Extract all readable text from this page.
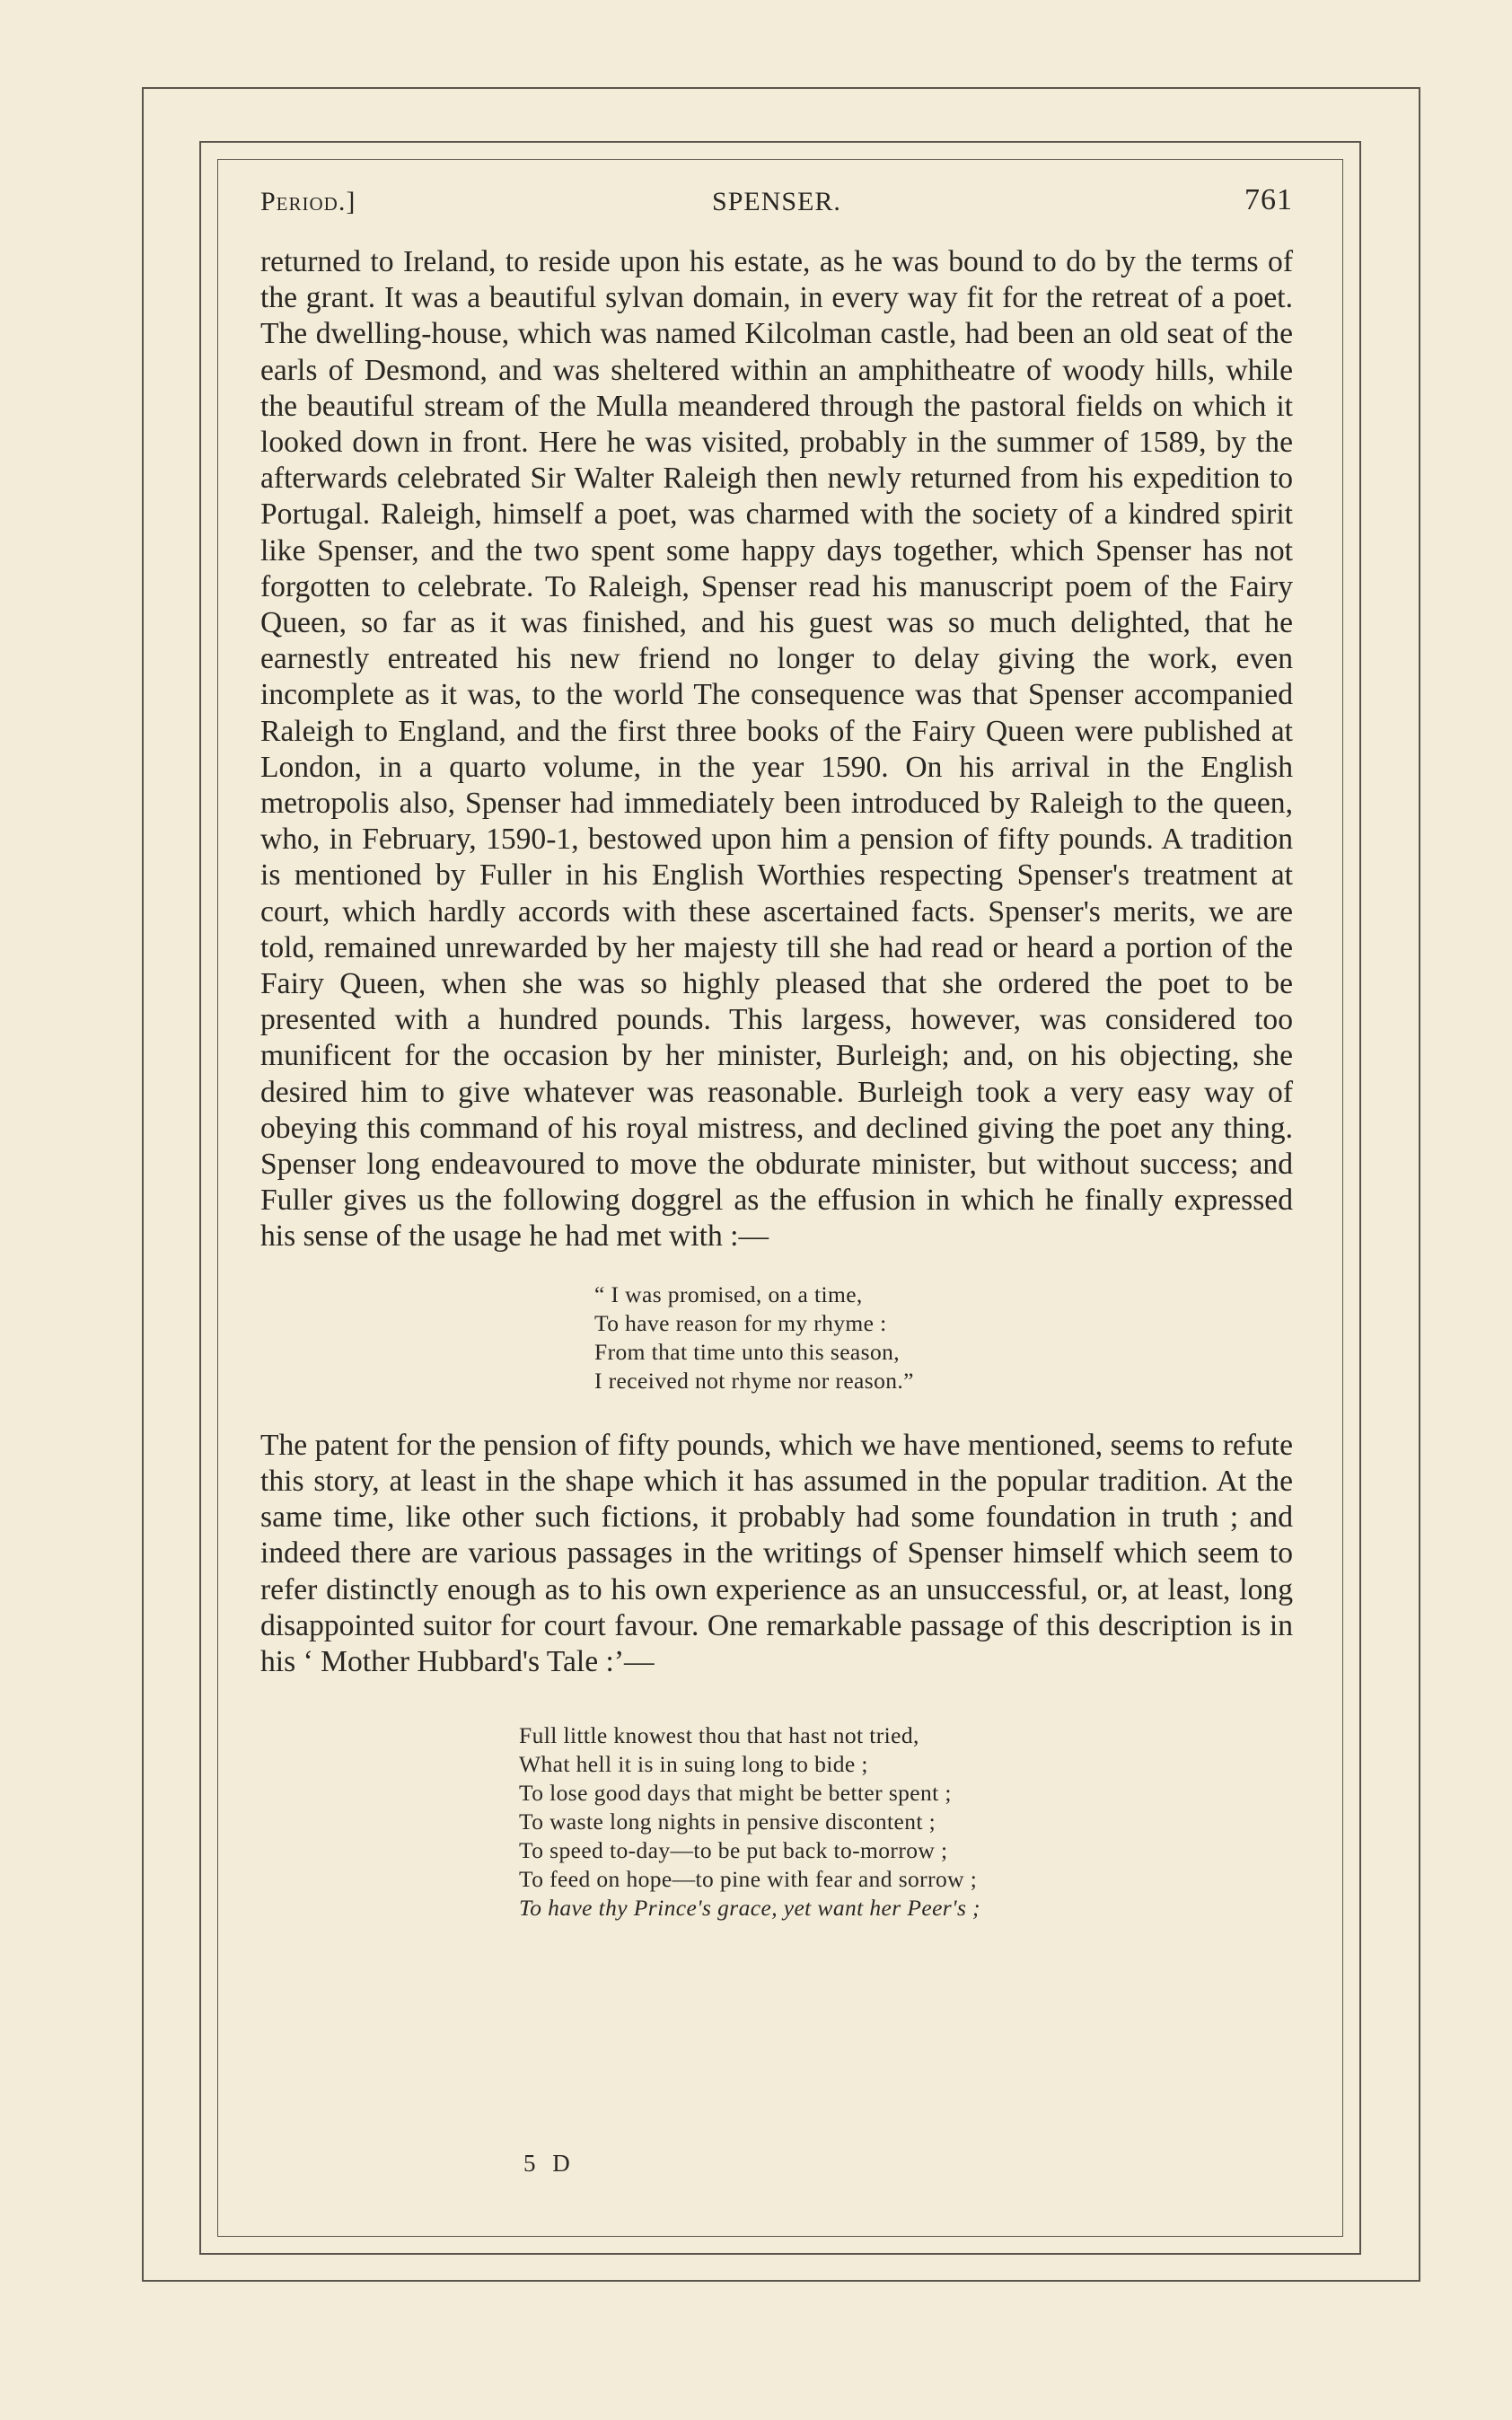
Period.]	SPENSER.	761

returned to Ireland, to reside upon his estate, as he was bound to do by the terms of the grant. It was a beautiful sylvan domain, in every way fit for the retreat of a poet. The dwelling-house, which was named Kilcolman castle, had been an old seat of the earls of Desmond, and was sheltered within an amphitheatre of woody hills, while the beautiful stream of the Mulla meandered through the pastoral fields on which it looked down in front. Here he was visited, probably in the summer of 1589, by the afterwards celebrated Sir Walter Raleigh then newly returned from his expedition to Portugal. Raleigh, himself a poet, was charmed with the society of a kindred spirit like Spenser, and the two spent some happy days together, which Spenser has not forgotten to celebrate. To Raleigh, Spenser read his manuscript poem of the Fairy Queen, so far as it was finished, and his guest was so much delighted, that he earnestly entreated his new friend no longer to delay giving the work, even incomplete as it was, to the world The consequence was that Spenser accompanied Raleigh to England, and the first three books of the Fairy Queen were published at London, in a quarto volume, in the year 1590. On his arrival in the English metropolis also, Spenser had immediately been introduced by Raleigh to the queen, who, in February, 1590-1, bestowed upon him a pension of fifty pounds. A tradition is mentioned by Fuller in his English Worthies respecting Spenser's treatment at court, which hardly accords with these ascertained facts. Spenser's merits, we are told, remained unrewarded by her majesty till she had read or heard a portion of the Fairy Queen, when she was so highly pleased that she ordered the poet to be presented with a hundred pounds. This largess, however, was considered too munificent for the occasion by her minister, Burleigh; and, on his objecting, she desired him to give whatever was reasonable. Burleigh took a very easy way of obeying this command of his royal mistress, and declined giving the poet any thing. Spenser long endeavoured to move the obdurate minister, but without success; and Fuller gives us the following doggrel as the effusion in which he finally expressed his sense of the usage he had met with :—

“ I was promised, on a time,
To have reason for my rhyme :
From that time unto this season,
I received not rhyme nor reason.”

The patent for the pension of fifty pounds, which we have mentioned, seems to refute this story, at least in the shape which it has assumed in the popular tradition. At the same time, like other such fictions, it probably had some foundation in truth ; and indeed there are various passages in the writings of Spenser himself which seem to refer distinctly enough as to his own experience as an unsuccessful, or, at least, long disappointed suitor for court favour. One remarkable passage of this description is in his ‘ Mother Hubbard's Tale :’—

Full little knowest thou that hast not tried,
What hell it is in suing long to bide ;
To lose good days that might be better spent ;
To waste long nights in pensive discontent ;
To speed to-day—to be put back to-morrow ;
To feed on hope—to pine with fear and sorrow ;
To have thy Prince's grace, yet want her Peer's ;
5 D
